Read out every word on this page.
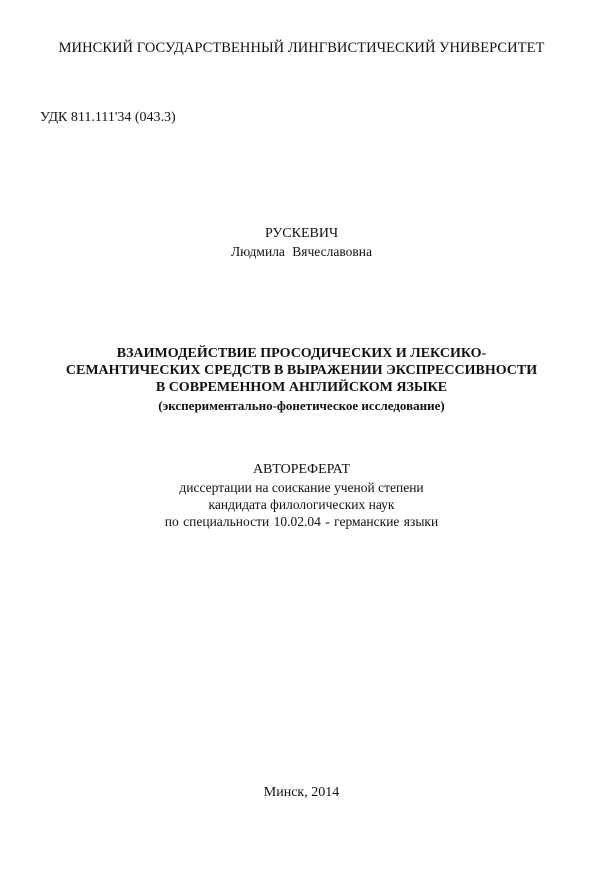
МИНСКИЙ ГОСУДАРСТВЕННЫЙ ЛИНГВИСТИЧЕСКИЙ УНИВЕРСИТЕТ
УДК 811.111'34 (043.3)
РУСКЕВИЧ
Людмила Вячеславовна
ВЗАИМОДЕЙСТВИЕ ПРОСОДИЧЕСКИХ И ЛЕКСИКО-
СЕМАНТИЧЕСКИХ СРЕДСТВ В ВЫРАЖЕНИИ ЭКСПРЕССИВНОСТИ
В СОВРЕМЕННОМ АНГЛИЙСКОМ ЯЗЫКЕ
(экспериментально-фонетическое исследование)
АВТОРЕФЕРАТ
диссертации на соискание ученой степени
кандидата филологических наук
по специальности 10.02.04 - германские языки
Минск, 2014
